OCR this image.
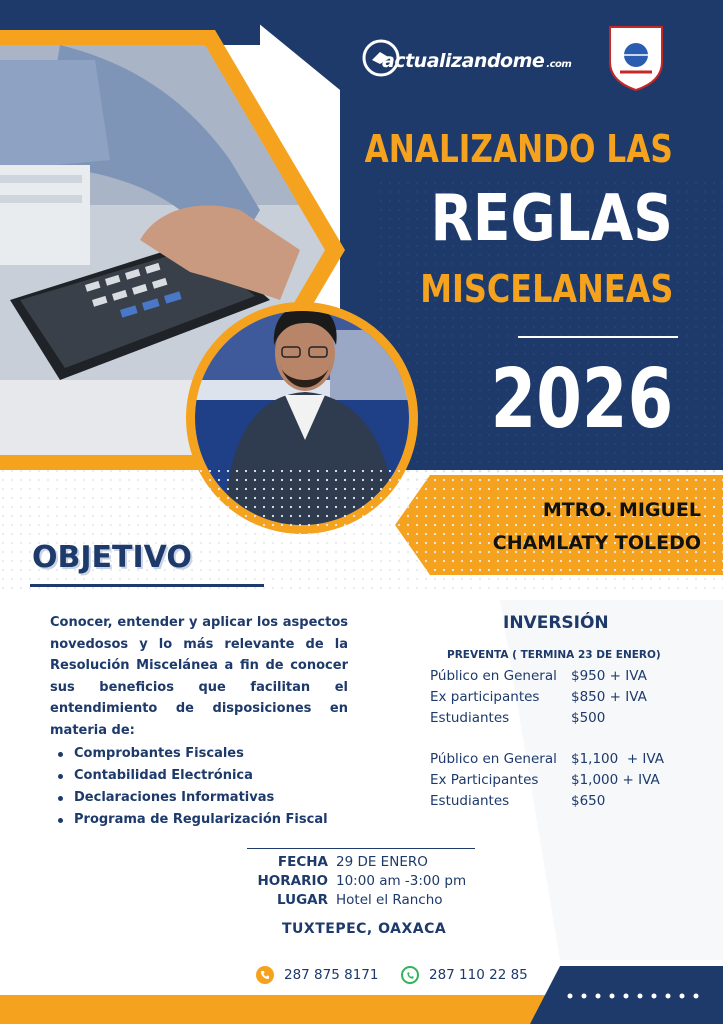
actualizandome .com
ANALIZANDO LAS
REGLAS
MISCELANEAS
2026
MTRO. MIGUEL
CHAMLATY TOLEDO
OBJETIVO
Conocer, entender y aplicar los aspectos novedosos y lo más relevante de la Resolución Miscelánea a fin de conocer sus beneficios que facilitan el entendimiento de disposiciones en materia de:
Comprobantes Fiscales
Contabilidad Electrónica
Declaraciones Informativas
Programa de Regularización Fiscal
INVERSIÓN
PREVENTA ( TERMINA 23 DE ENERO)
Público en General $950 + IVA
Ex participantes $850 + IVA
Estudiantes	$500
Público en General $1,100  + IVA
Ex Participantes $1,000 + IVA
Estudiantes	$650
FECHA 29 DE ENERO
HORARIO 10:00 am -3:00 pm
LUGAR Hotel el Rancho
TUXTEPEC, OAXACA
287 875 8171	287 110 22 85
